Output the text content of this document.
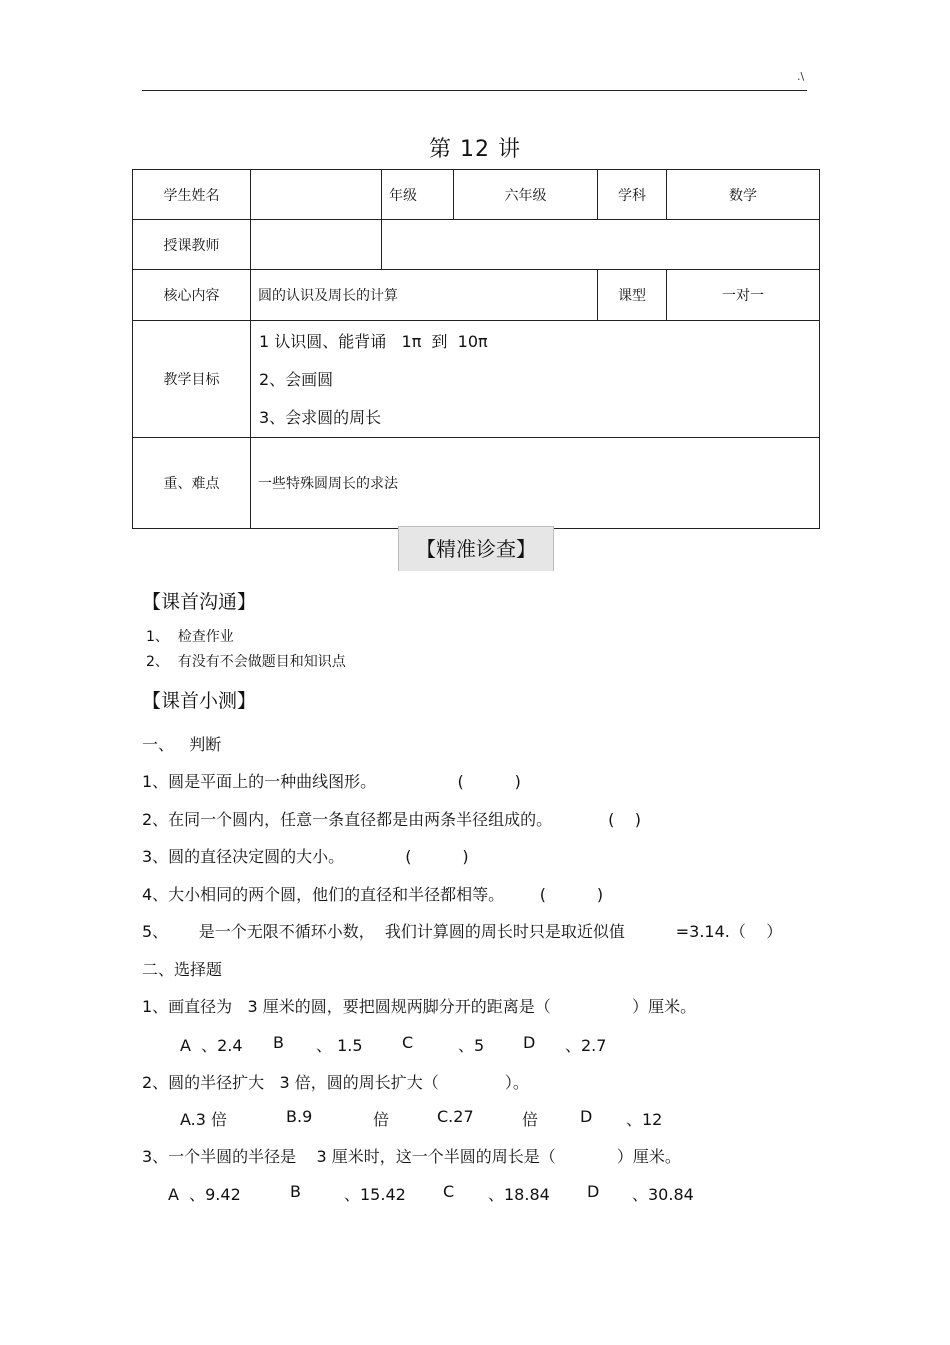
.\
第 12 讲
学生姓名		年级	六年级	学科	数学
授课教师					
核心内容	圆的认识及周长的计算			课型	一对一
教学目标	1 认识圆、能背诵   1π  到  10π
2、会画圆
3、会求圆的周长				

重、难点	一些特殊圆周长的求法				
【精准诊查】
【课首沟通】
1、  检查作业
2、  有没有不会做题目和知识点
【课首小测】
一、   判断
1、圆是平面上的一种曲线图形。                (          )
2、在同一个圆内，任意一条直径都是由两条半径组成的。           (    )
3、圆的直径决定圆的大小。            (          )
4、大小相同的两个圆，他们的直径和半径都相等。       (          )
5、      是一个无限不循环小数，  我们计算圆的周长时只是取近似值          =3.14.（    ）
二、选择题
1、画直径为   3 厘米的圆，要把圆规两脚分开的距离是（                ）厘米。
A  、2.4 B 、 1.5 C	、5 D 、2.7
2、圆的半径扩大   3 倍，圆的周长扩大（             ）。
A.3 倍	B.9	倍	C.27	倍	D 、12
3、一个半圆的半径是    3 厘米时，这一个半圆的周长是（            ）厘米。
A  、9.42	B	、15.42 C 、18.84 D 、30.84
